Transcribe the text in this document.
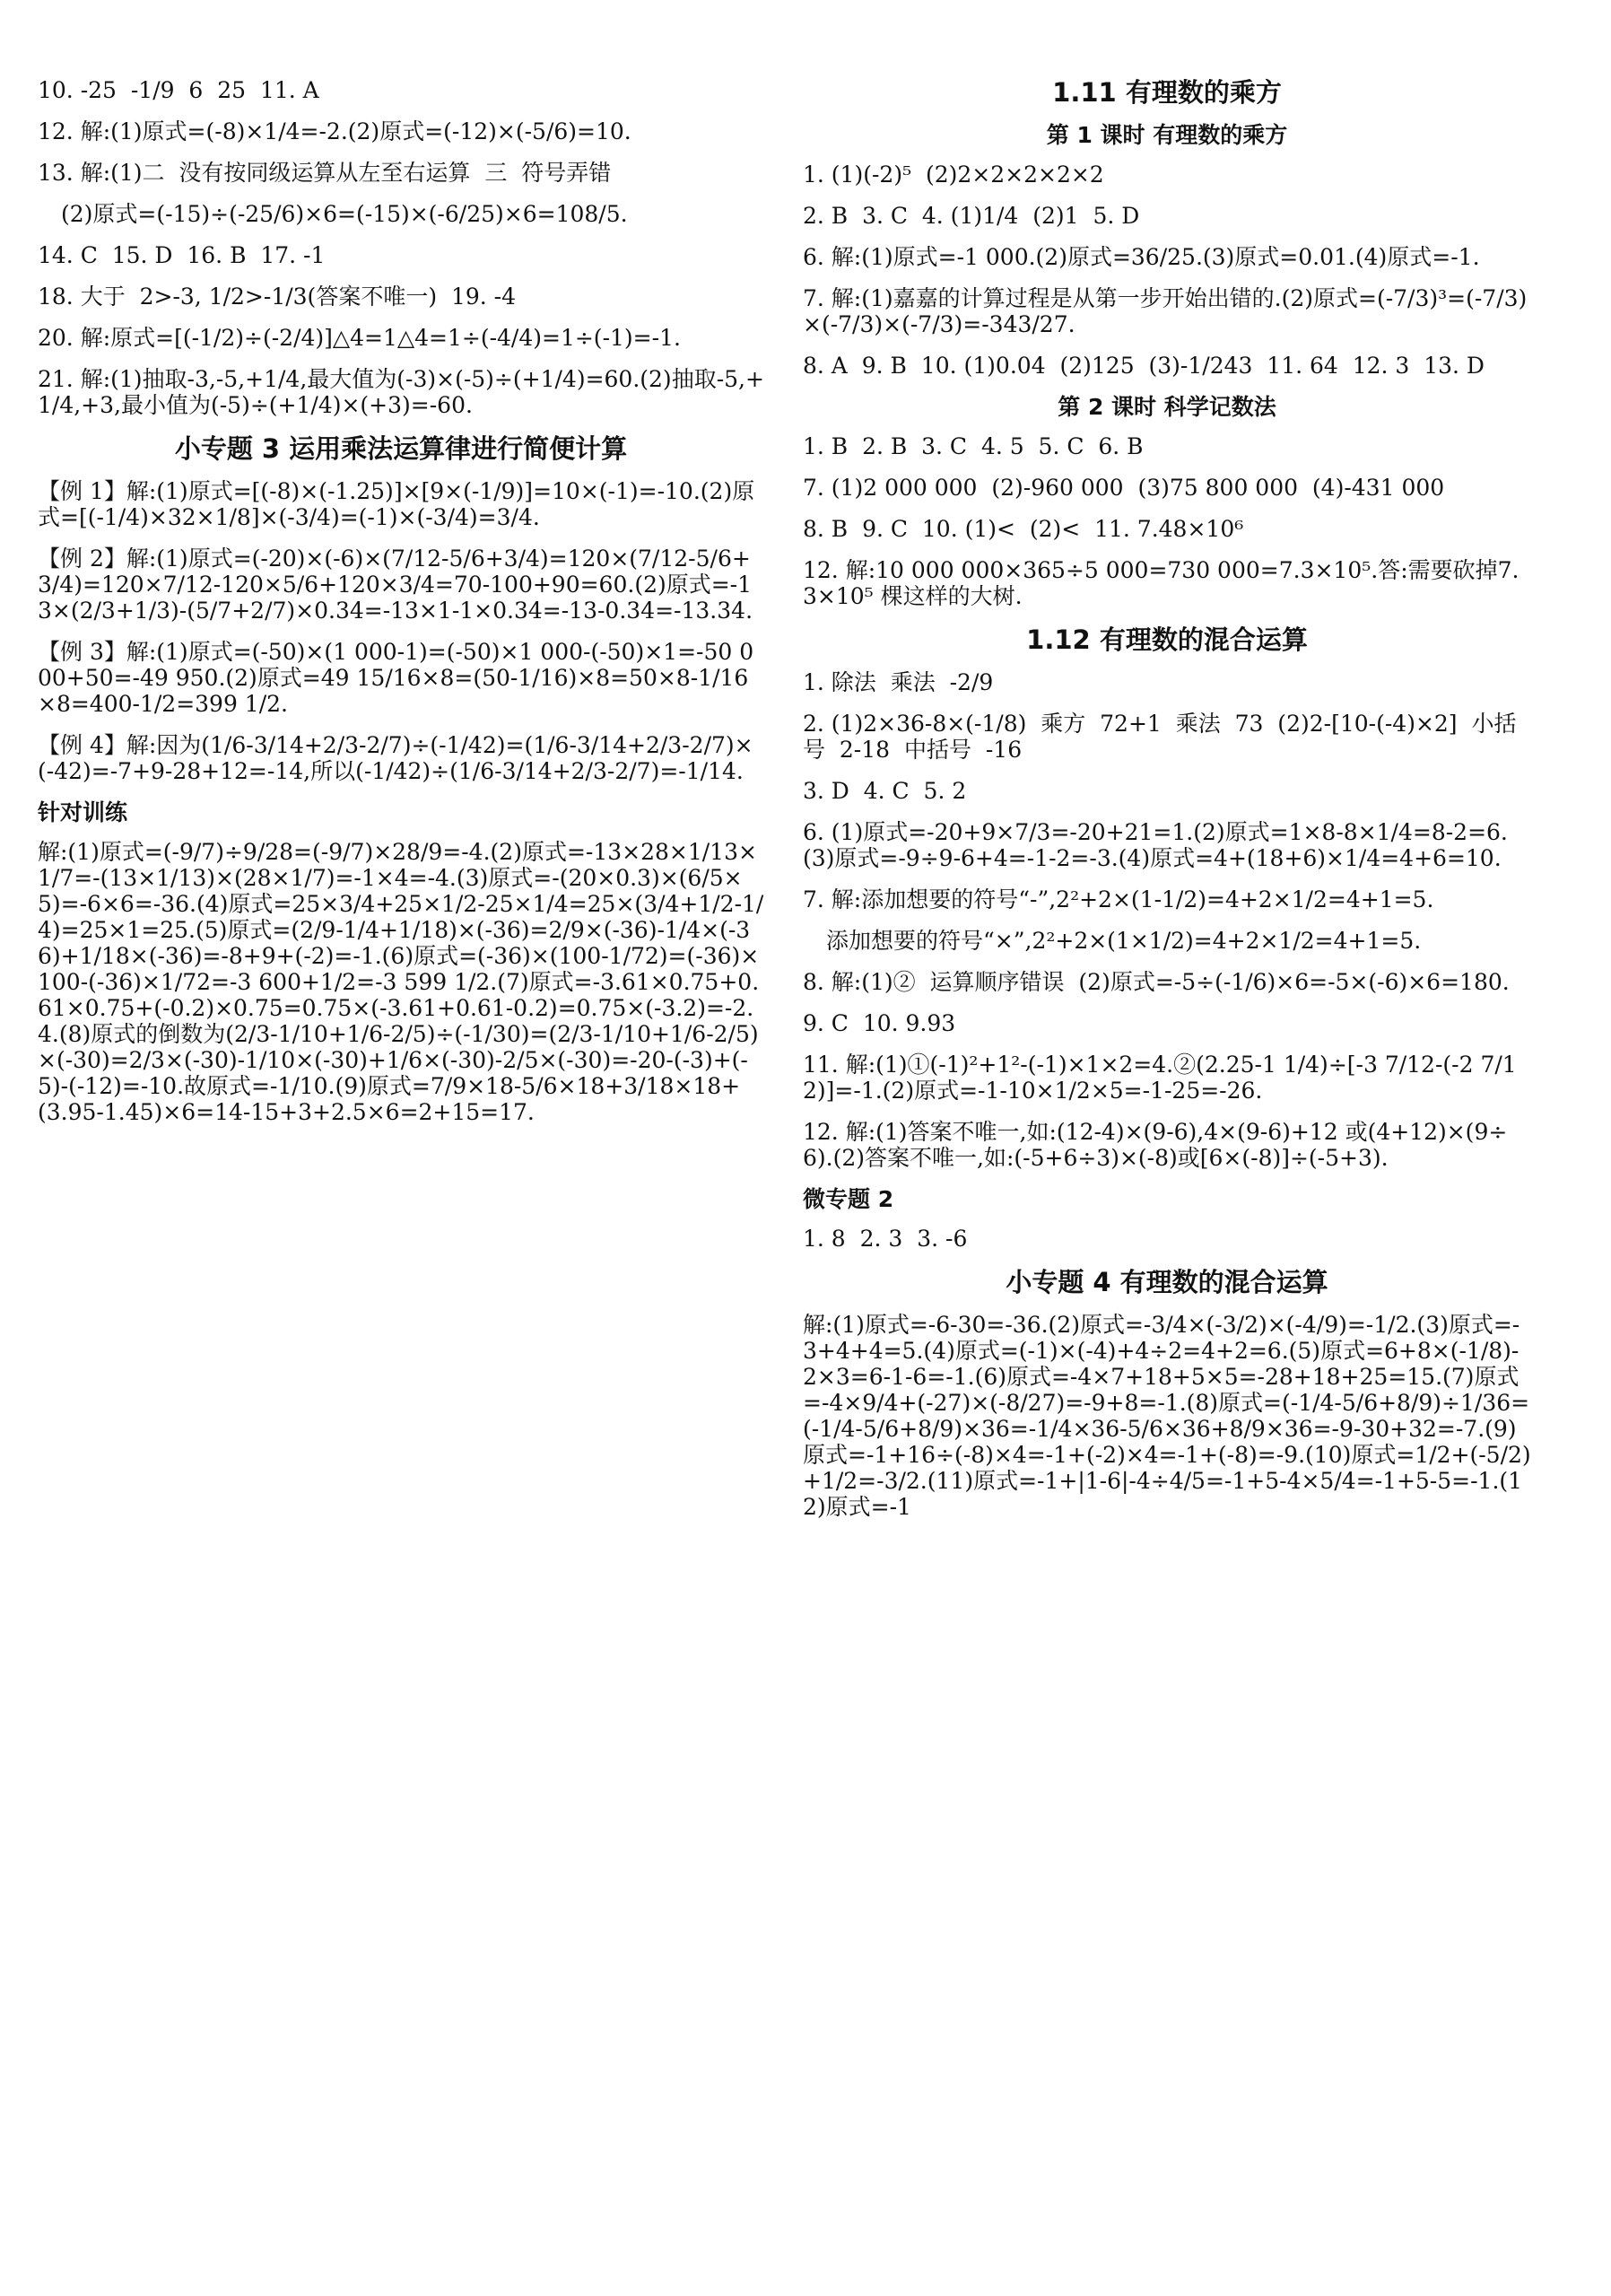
10. -25  -1/9  6  25  11. A
12. 解:(1)原式=(-8)×1/4=-2.(2)原式=(-12)×(-5/6)=10.
13. 解:(1)二  没有按同级运算从左至右运算  三  符号弄错
(2)原式=(-15)÷(-25/6)×6=(-15)×(-6/25)×6=108/5.
14. C  15. D  16. B  17. -1
18. 大于  2>-3, 1/2>-1/3(答案不唯一)  19. -4
20. 解:原式=[(-1/2)÷(-2/4)]△4=1△4=1÷(-4/4)=1÷(-1)=-1.
21. 解:(1)抽取-3,-5,+1/4,最大值为(-3)×(-5)÷(+1/4)=60.(2)抽取-5,+1/4,+3,最小值为(-5)÷(+1/4)×(+3)=-60.
小专题 3 运用乘法运算律进行简便计算
【例 1】解:(1)原式=[(-8)×(-1.25)]×[9×(-1/9)]=10×(-1)=-10.(2)原式=[(-1/4)×32×1/8]×(-3/4)=(-1)×(-3/4)=3/4.
【例 2】解:(1)原式=(-20)×(-6)×(7/12-5/6+3/4)=120×(7/12-5/6+3/4)=120×7/12-120×5/6+120×3/4=70-100+90=60.(2)原式=-13×(2/3+1/3)-(5/7+2/7)×0.34=-13×1-1×0.34=-13-0.34=-13.34.
【例 3】解:(1)原式=(-50)×(1 000-1)=(-50)×1 000-(-50)×1=-50 000+50=-49 950.(2)原式=49 15/16×8=(50-1/16)×8=50×8-1/16×8=400-1/2=399 1/2.
【例 4】解:因为(1/6-3/14+2/3-2/7)÷(-1/42)=(1/6-3/14+2/3-2/7)×(-42)=-7+9-28+12=-14,所以(-1/42)÷(1/6-3/14+2/3-2/7)=-1/14.
针对训练
解:(1)原式=(-9/7)÷9/28=(-9/7)×28/9=-4.(2)原式=-13×28×1/13×1/7=-(13×1/13)×(28×1/7)=-1×4=-4.(3)原式=-(20×0.3)×(6/5×5)=-6×6=-36.(4)原式=25×3/4+25×1/2-25×1/4=25×(3/4+1/2-1/4)=25×1=25.(5)原式=(2/9-1/4+1/18)×(-36)=2/9×(-36)-1/4×(-36)+1/18×(-36)=-8+9+(-2)=-1.(6)原式=(-36)×(100-1/72)=(-36)×100-(-36)×1/72=-3 600+1/2=-3 599 1/2.(7)原式=-3.61×0.75+0.61×0.75+(-0.2)×0.75=0.75×(-3.61+0.61-0.2)=0.75×(-3.2)=-2.4.(8)原式的倒数为(2/3-1/10+1/6-2/5)÷(-1/30)=(2/3-1/10+1/6-2/5)×(-30)=2/3×(-30)-1/10×(-30)+1/6×(-30)-2/5×(-30)=-20-(-3)+(-5)-(-12)=-10.故原式=-1/10.(9)原式=7/9×18-5/6×18+3/18×18+(3.95-1.45)×6=14-15+3+2.5×6=2+15=17.
1.11 有理数的乘方
第 1 课时 有理数的乘方
1. (1)(-2)⁵  (2)2×2×2×2×2
2. B  3. C  4. (1)1/4  (2)1  5. D
6. 解:(1)原式=-1 000.(2)原式=36/25.(3)原式=0.01.(4)原式=-1.
7. 解:(1)嘉嘉的计算过程是从第一步开始出错的.(2)原式=(-7/3)³=(-7/3)×(-7/3)×(-7/3)=-343/27.
8. A  9. B  10. (1)0.04  (2)125  (3)-1/243  11. 64  12. 3  13. D
第 2 课时 科学记数法
1. B  2. B  3. C  4. 5  5. C  6. B
7. (1)2 000 000  (2)-960 000  (3)75 800 000  (4)-431 000
8. B  9. C  10. (1)<  (2)<  11. 7.48×10⁶
12. 解:10 000 000×365÷5 000=730 000=7.3×10⁵.答:需要砍掉7.3×10⁵ 棵这样的大树.
1.12 有理数的混合运算
1. 除法  乘法  -2/9
2. (1)2×36-8×(-1/8)  乘方  72+1  乘法  73  (2)2-[10-(-4)×2]  小括号  2-18  中括号  -16
3. D  4. C  5. 2
6. (1)原式=-20+9×7/3=-20+21=1.(2)原式=1×8-8×1/4=8-2=6.(3)原式=-9÷9-6+4=-1-2=-3.(4)原式=4+(18+6)×1/4=4+6=10.
7. 解:添加想要的符号“-”,2²+2×(1-1/2)=4+2×1/2=4+1=5.
添加想要的符号“×”,2²+2×(1×1/2)=4+2×1/2=4+1=5.
8. 解:(1)②  运算顺序错误  (2)原式=-5÷(-1/6)×6=-5×(-6)×6=180.
9. C  10. 9.93
11. 解:(1)①(-1)²+1²-(-1)×1×2=4.②(2.25-1 1/4)÷[-3 7/12-(-2 7/12)]=-1.(2)原式=-1-10×1/2×5=-1-25=-26.
12. 解:(1)答案不唯一,如:(12-4)×(9-6),4×(9-6)+12 或(4+12)×(9÷6).(2)答案不唯一,如:(-5+6÷3)×(-8)或[6×(-8)]÷(-5+3).
微专题 2
1. 8  2. 3  3. -6
小专题 4 有理数的混合运算
解:(1)原式=-6-30=-36.(2)原式=-3/4×(-3/2)×(-4/9)=-1/2.(3)原式=-3+4+4=5.(4)原式=(-1)×(-4)+4÷2=4+2=6.(5)原式=6+8×(-1/8)-2×3=6-1-6=-1.(6)原式=-4×7+18+5×5=-28+18+25=15.(7)原式=-4×9/4+(-27)×(-8/27)=-9+8=-1.(8)原式=(-1/4-5/6+8/9)÷1/36=(-1/4-5/6+8/9)×36=-1/4×36-5/6×36+8/9×36=-9-30+32=-7.(9)原式=-1+16÷(-8)×4=-1+(-2)×4=-1+(-8)=-9.(10)原式=1/2+(-5/2)+1/2=-3/2.(11)原式=-1+|1-6|-4÷4/5=-1+5-4×5/4=-1+5-5=-1.(12)原式=-1
